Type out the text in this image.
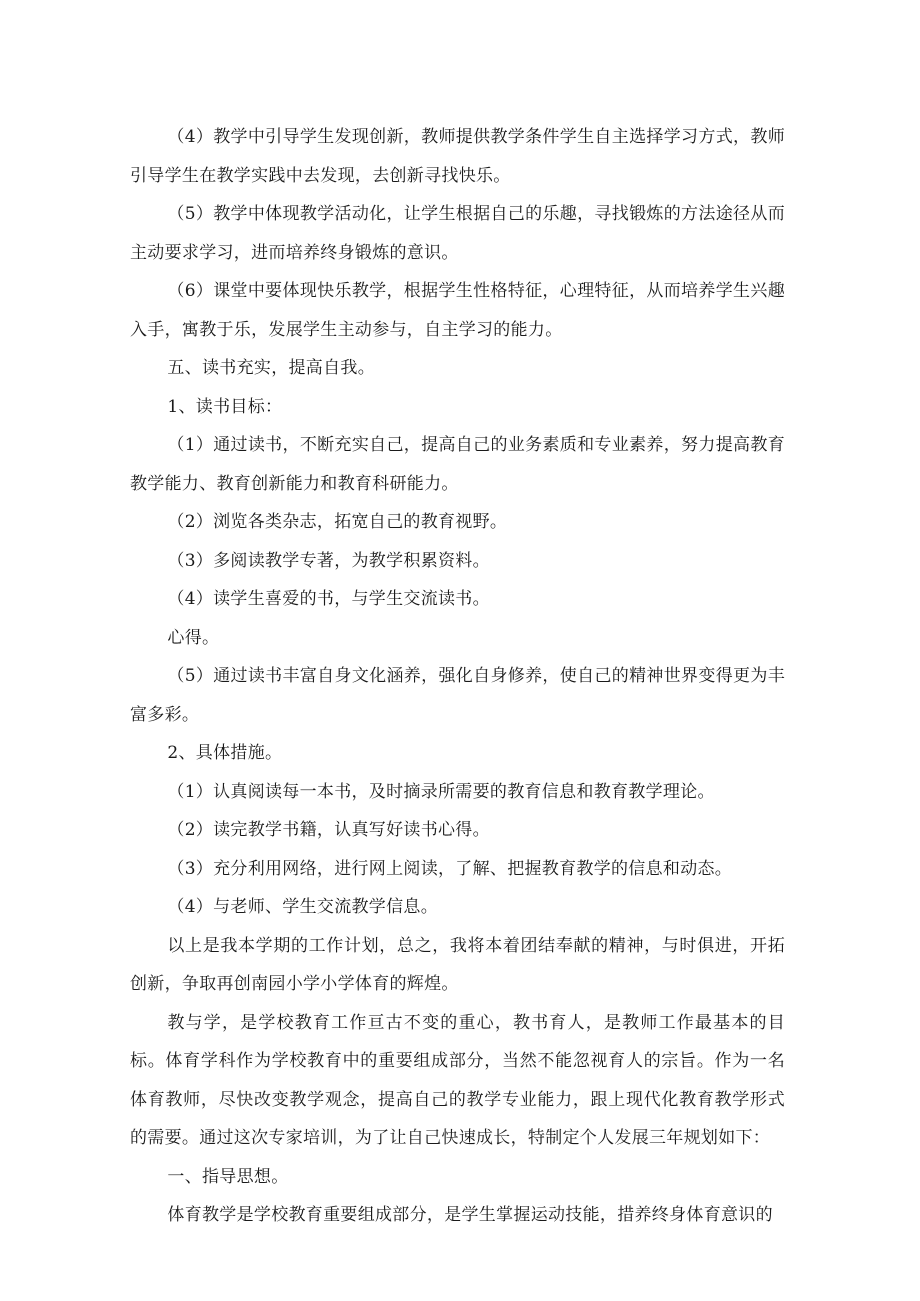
（4）教学中引导学生发现创新，教师提供教学条件学生自主选择学习方式，教师引导学生在教学实践中去发现，去创新寻找快乐。

（5）教学中体现教学活动化，让学生根据自己的乐趣，寻找锻炼的方法途径从而主动要求学习，进而培养终身锻炼的意识。

（6）课堂中要体现快乐教学，根据学生性格特征，心理特征，从而培养学生兴趣入手，寓教于乐，发展学生主动参与，自主学习的能力。

五、读书充实，提高自我。

1、读书目标：

（1）通过读书，不断充实自己，提高自己的业务素质和专业素养，努力提高教育教学能力、教育创新能力和教育科研能力。

（2）浏览各类杂志，拓宽自己的教育视野。

（3）多阅读教学专著，为教学积累资料。

（4）读学生喜爱的书，与学生交流读书。

心得。

（5）通过读书丰富自身文化涵养，强化自身修养，使自己的精神世界变得更为丰富多彩。

2、具体措施。

（1）认真阅读每一本书，及时摘录所需要的教育信息和教育教学理论。

（2）读完教学书籍，认真写好读书心得。

（3）充分利用网络，进行网上阅读，了解、把握教育教学的信息和动态。

（4）与老师、学生交流教学信息。

以上是我本学期的工作计划，总之，我将本着团结奉献的精神，与时俱进，开拓创新，争取再创南园小学小学体育的辉煌。

教与学，是学校教育工作亘古不变的重心，教书育人，是教师工作最基本的目标。体育学科作为学校教育中的重要组成部分，当然不能忽视育人的宗旨。作为一名体育教师，尽快改变教学观念，提高自己的教学专业能力，跟上现代化教育教学形式的需要。通过这次专家培训，为了让自己快速成长，特制定个人发展三年规划如下：

一、指导思想。

体育教学是学校教育重要组成部分，是学生掌握运动技能，措养终身体育意识的
